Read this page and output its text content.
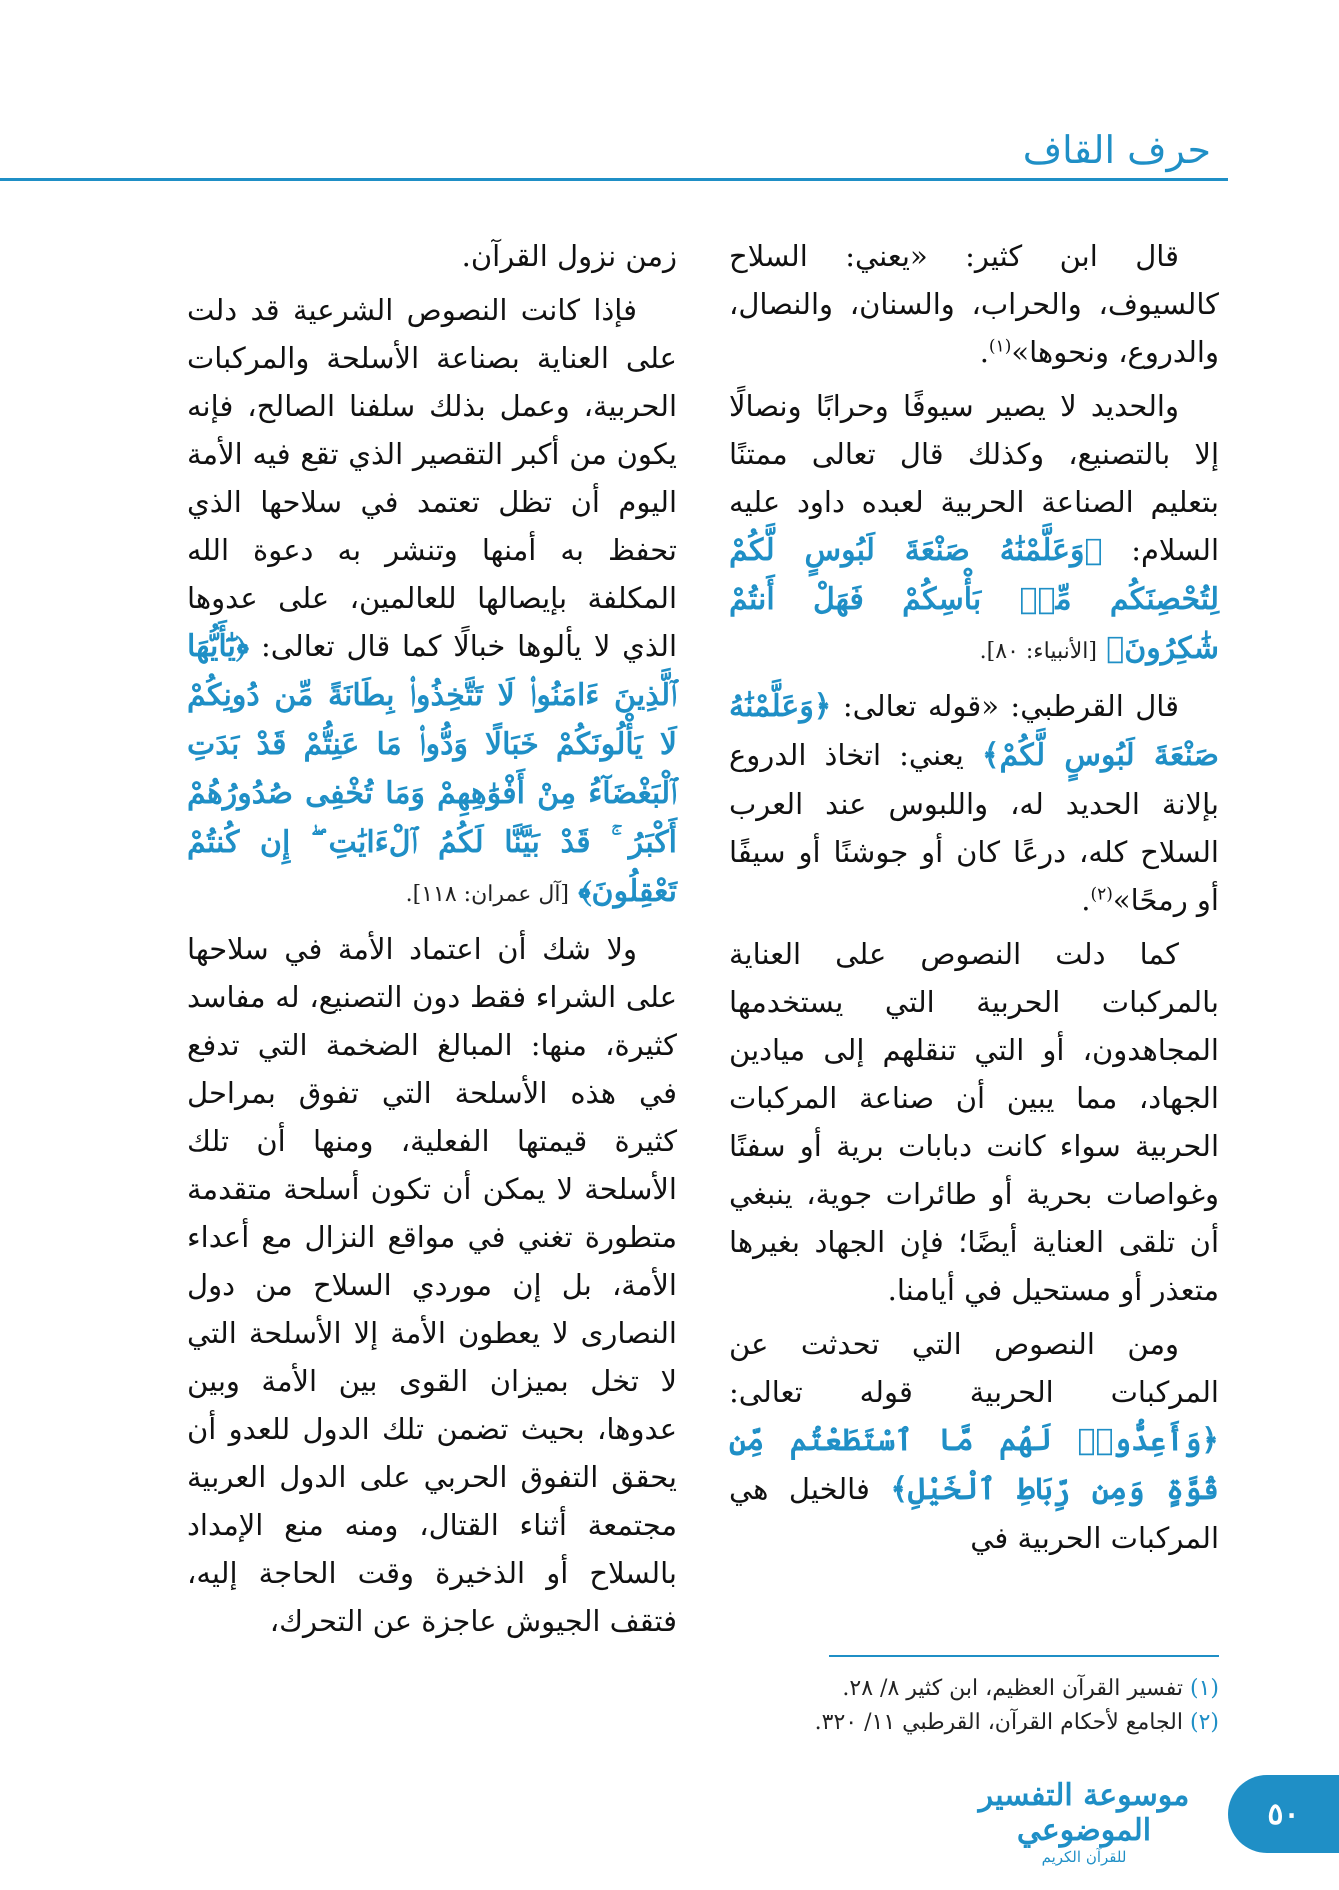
حرف القاف

قال ابن كثير: «يعني: السلاح كالسيوف، والحراب، والسنان، والنصال، والدروع، ونحوها»$^{(١)}$.

والحديد لا يصير سيوفًا وحرابًا ونصالًا إلا بالتصنيع، وكذلك قال تعالى ممتنًا بتعليم الصناعة الحربية لعبده داود عليه السلام: ﴿وَعَلَّمْنَٰهُ صَنْعَةَ لَبُوسٍ لَّكُمْ لِتُحْصِنَكُم مِّنۢ بَأْسِكُمْ فَهَلْ أَنتُمْ شَٰكِرُونَ﴾ [الأنبياء: ٨٠].

قال القرطبي: «قوله تعالى: ﴿وَعَلَّمْنَٰهُ صَنْعَةَ لَبُوسٍ لَّكُمْ﴾ يعني: اتخاذ الدروع بإلانة الحديد له، واللبوس عند العرب السلاح كله، درعًا كان أو جوشنًا أو سيفًا أو رمحًا»$^{(٢)}$.

كما دلت النصوص على العناية بالمركبات الحربية التي يستخدمها المجاهدون، أو التي تنقلهم إلى ميادين الجهاد، مما يبين أن صناعة المركبات الحربية سواء كانت دبابات برية أو سفنًا وغواصات بحرية أو طائرات جوية، ينبغي أن تلقى العناية أيضًا؛ فإن الجهاد بغيرها متعذر أو مستحيل في أيامنا.

ومن النصوص التي تحدثت عن المركبات الحربية قوله تعالى: ﴿وَأَعِدُّوا۟ لَهُم مَّا ٱسْتَطَعْتُم مِّن قُوَّةٍ وَمِن رِّبَاطِ ٱلْخَيْلِ﴾ فالخيل هي المركبات الحربية في

زمن نزول القرآن.

فإذا كانت النصوص الشرعية قد دلت على العناية بصناعة الأسلحة والمركبات الحربية، وعمل بذلك سلفنا الصالح، فإنه يكون من أكبر التقصير الذي تقع فيه الأمة اليوم أن تظل تعتمد في سلاحها الذي تحفظ به أمنها وتنشر به دعوة الله المكلفة بإيصالها للعالمين، على عدوها الذي لا يألوها خبالًا كما قال تعالى: ﴿يَٰٓأَيُّهَا ٱلَّذِينَ ءَامَنُوا۟ لَا تَتَّخِذُوا۟ بِطَانَةً مِّن دُونِكُمْ لَا يَأْلُونَكُمْ خَبَالًا وَدُّوا۟ مَا عَنِتُّمْ قَدْ بَدَتِ ٱلْبَغْضَآءُ مِنْ أَفْوَٰهِهِمْ وَمَا تُخْفِى صُدُورُهُمْ أَكْبَرُ ۚ قَدْ بَيَّنَّا لَكُمُ ٱلْءَايَٰتِ ۖ إِن كُنتُمْ تَعْقِلُونَ﴾ [آل عمران: ١١٨].

ولا شك أن اعتماد الأمة في سلاحها على الشراء فقط دون التصنيع، له مفاسد كثيرة، منها: المبالغ الضخمة التي تدفع في هذه الأسلحة التي تفوق بمراحل كثيرة قيمتها الفعلية، ومنها أن تلك الأسلحة لا يمكن أن تكون أسلحة متقدمة متطورة تغني في مواقع النزال مع أعداء الأمة، بل إن موردي السلاح من دول النصارى لا يعطون الأمة إلا الأسلحة التي لا تخل بميزان القوى بين الأمة وبين عدوها، بحيث تضمن تلك الدول للعدو أن يحقق التفوق الحربي على الدول العربية مجتمعة أثناء القتال، ومنه منع الإمداد بالسلاح أو الذخيرة وقت الحاجة إليه، فتقف الجيوش عاجزة عن التحرك،

(١) تفسير القرآن العظيم، ابن كثير ٨/ ٢٨.
(٢) الجامع لأحكام القرآن، القرطبي ١١/ ٣٢٠.
موسوعة التفسير الموضوعي
للقرآن الكريم
٥٠
